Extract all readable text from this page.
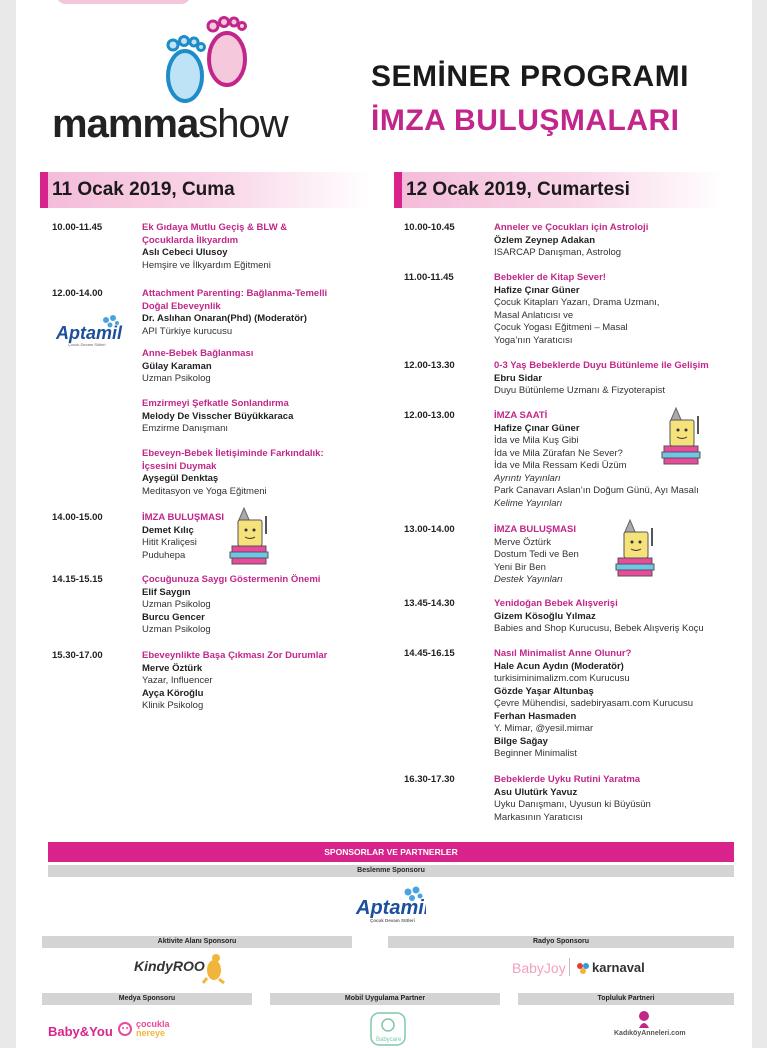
mammashow
SEMİNER PROGRAMI
İMZA BULUŞMALARI
11 Ocak 2019, Cuma	12 Ocak 2019, Cumartesi
10.00-11.45	Ek Gıdaya Mutlu Geçiş & BLW &
Çocuklarda İlkyardım
Aslı Cebeci Ulusoy
Hemşire ve İlkyardım Eğitmeni
12.00-14.00	Attachment Parenting: Bağlanma-Temelli
Doğal Ebeveynlik
Dr. Aslıhan Onaran(Phd) (Moderatör)
API Türkiye kurucusu
Anne-Bebek Bağlanması
Gülay Karaman
Uzman Psikolog
Emzirmeyi Şefkatle Sonlandırma
Melody De Visscher Büyükkaraca
Emzirme Danışmanı
Ebeveyn-Bebek İletişiminde Farkındalık:
İçsesini Duymak
Ayşegül Denktaş
Meditasyon ve Yoga Eğitmeni
14.00-15.00	İMZA BULUŞMASI
Demet Kılıç
Hitit Kraliçesi
Puduhepa
14.15-15.15	Çocuğunuza Saygı Göstermenin Önemi
Elif Saygın
Uzman Psikolog
Burcu Gencer
Uzman Psikolog
15.30-17.00	Ebeveynlikte Başa Çıkması Zor Durumlar
Merve Öztürk
Yazar, Influencer
Ayça Köroğlu
Klinik Psikolog
10.00-10.45	Anneler ve Çocukları için Astroloji
Özlem Zeynep Adakan
ISARCAP Danışman, Astrolog
11.00-11.45	Bebekler de Kitap Sever!
Hafize Çınar Güner
Çocuk Kitapları Yazarı, Drama Uzmanı,
Masal Anlatıcısı ve
Çocuk Yogası Eğitmeni – Masal
Yoga’nın Yaratıcısı
12.00-13.30	0-3 Yaş Bebeklerde Duyu Bütünleme ile Gelişim
Ebru Sidar
Duyu Bütünleme Uzmanı & Fizyoterapist
12.00-13.00	İMZA SAATİ
Hafize Çınar Güner
İda ve Mila Kuş Gibi
İda ve Mila Zürafan Ne Sever?
İda ve Mila Ressam Kedi Üzüm
Ayrıntı Yayınları
Park Canavarı Aslan’ın Doğum Günü, Ayı Masalı
Kelime Yayınları
13.00-14.00	İMZA BULUŞMASI
Merve Öztürk
Dostum Tedi ve Ben
Yeni Bir Ben
Destek Yayınları
13.45-14.30	Yenidoğan Bebek Alışverişi
Gizem Kösoğlu Yılmaz
Babies and Shop Kurucusu, Bebek Alışveriş Koçu
14.45-16.15	Nasıl Minimalist Anne Olunur?
Hale Acun Aydın (Moderatör)
turkisiminimalizm.com Kurucusu
Gözde Yaşar Altunbaş
Çevre Mühendisi, sadebiryasam.com Kurucusu
Ferhan Hasmaden
Y. Mimar, @yesil.mimar
Bilge Sağay
Beginner Minimalist
16.30-17.30	Bebeklerde Uyku Rutini Yaratma
Asu Ulutürk Yavuz
Uyku Danışmanı, Uyusun ki Büyüsün
Markasının Yaratıcısı
Aptamil
Çocuk Devam Sütleri
SPONSORLAR VE PARTNERLER
Beslenme Sponsoru
Aptamil
Çocuk Devam Sütleri
Aktivite Alanı Sponsoru	Radyo Sponsoru
KindyROO	BabyJoy karnaval
Medya Sponsoru	Mobil Uygulama Partner	Topluluk Partneri
Baby&You	çocukla
nereye
Babycare
KadıköyAnneleri.com
